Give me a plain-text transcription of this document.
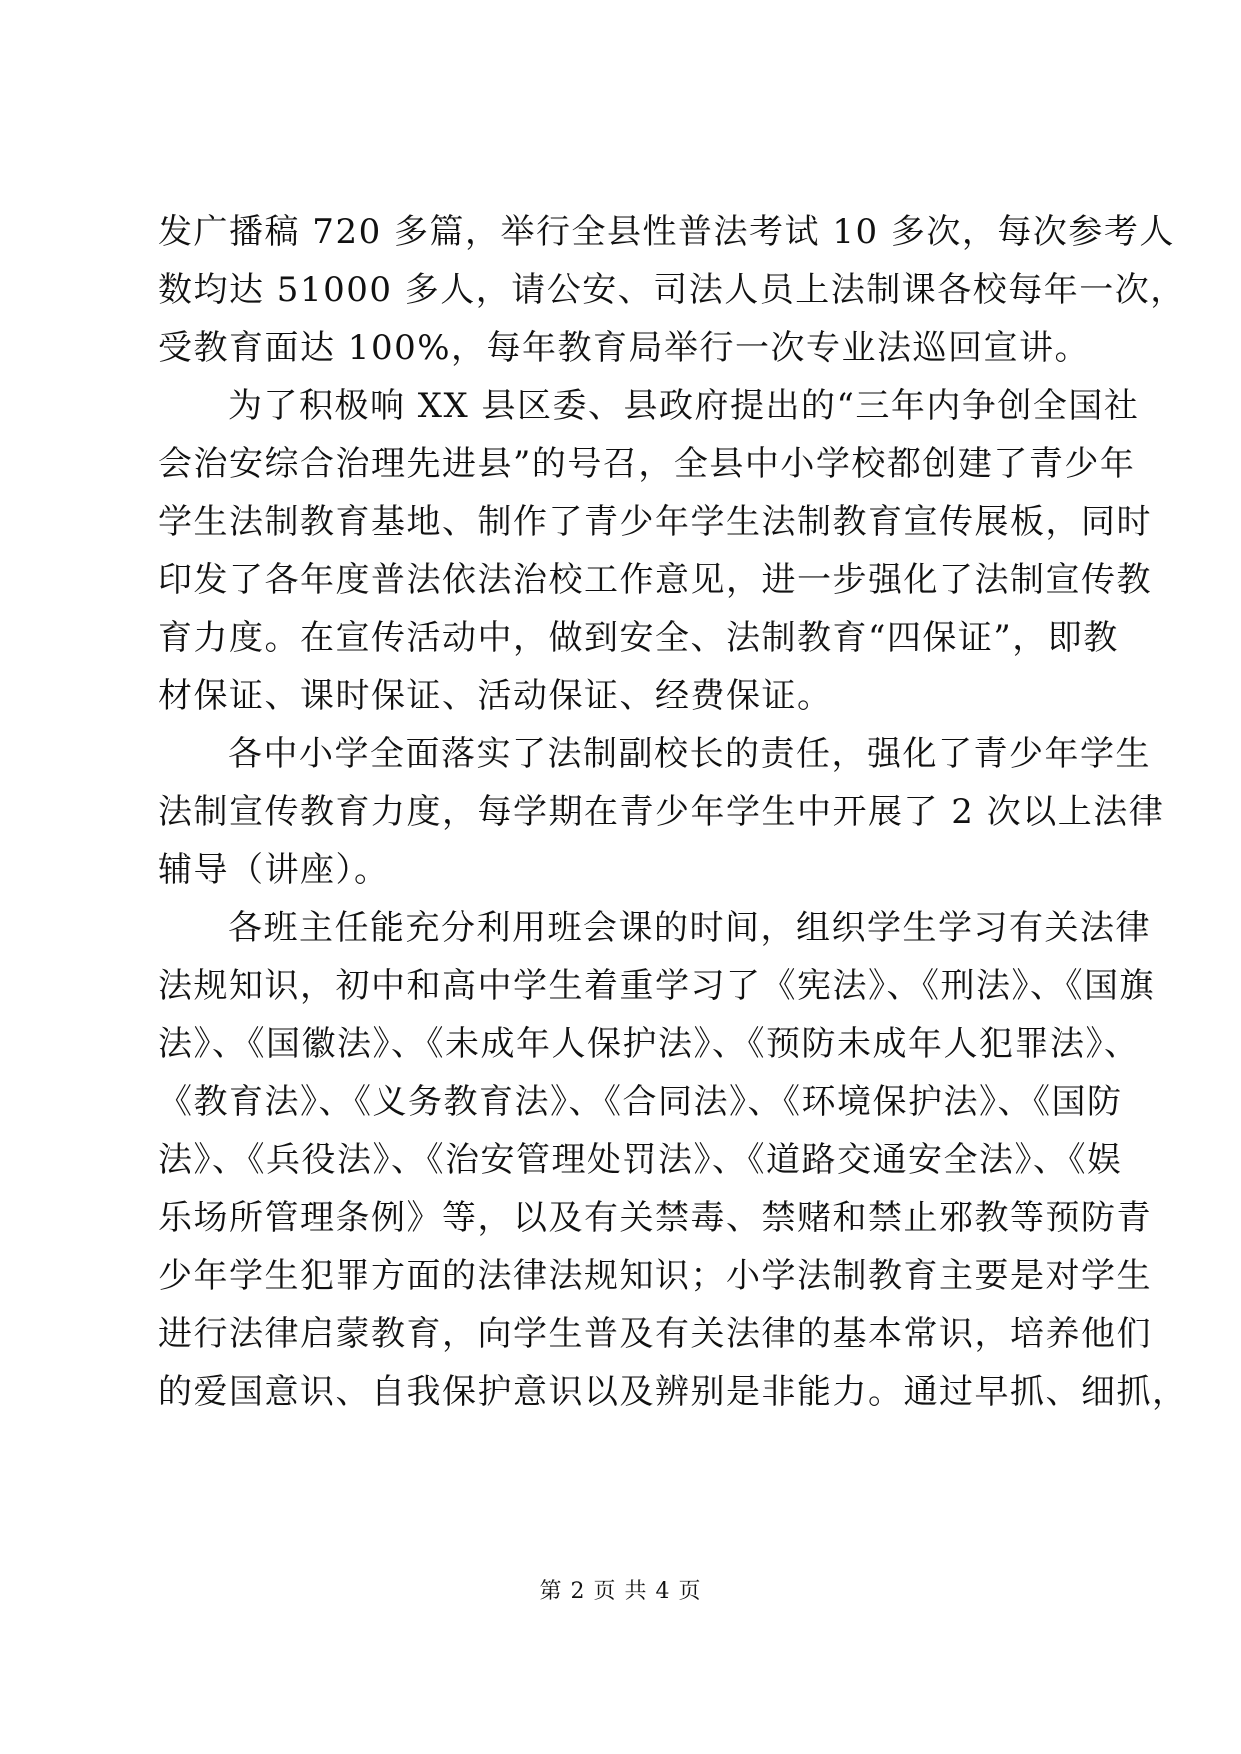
发广播稿 720 多篇，举行全县性普法考试 10 多次，每次参考人
数均达 51000 多人，请公安、司法人员上法制课各校每年一次，
受教育面达 100%，每年教育局举行一次专业法巡回宣讲。
为了积极响 XX 县区委、县政府提出的“三年内争创全国社
会治安综合治理先进县”的号召，全县中小学校都创建了青少年
学生法制教育基地、制作了青少年学生法制教育宣传展板，同时
印发了各年度普法依法治校工作意见，进一步强化了法制宣传教
育力度。在宣传活动中，做到安全、法制教育“四保证”，即教
材保证、课时保证、活动保证、经费保证。
各中小学全面落实了法制副校长的责任，强化了青少年学生
法制宣传教育力度，每学期在青少年学生中开展了 2 次以上法律
辅导（讲座）。
各班主任能充分利用班会课的时间，组织学生学习有关法律
法规知识，初中和高中学生着重学习了《宪法》、《刑法》、《国旗
法》、《国徽法》、《未成年人保护法》、《预防未成年人犯罪法》、
《教育法》、《义务教育法》、《合同法》、《环境保护法》、《国防
法》、《兵役法》、《治安管理处罚法》、《道路交通安全法》、《娱
乐场所管理条例》等，以及有关禁毒、禁赌和禁止邪教等预防青
少年学生犯罪方面的法律法规知识；小学法制教育主要是对学生
进行法律启蒙教育，向学生普及有关法律的基本常识，培养他们
的爱国意识、自我保护意识以及辨别是非能力。通过早抓、细抓，
第 2 页 共 4 页
